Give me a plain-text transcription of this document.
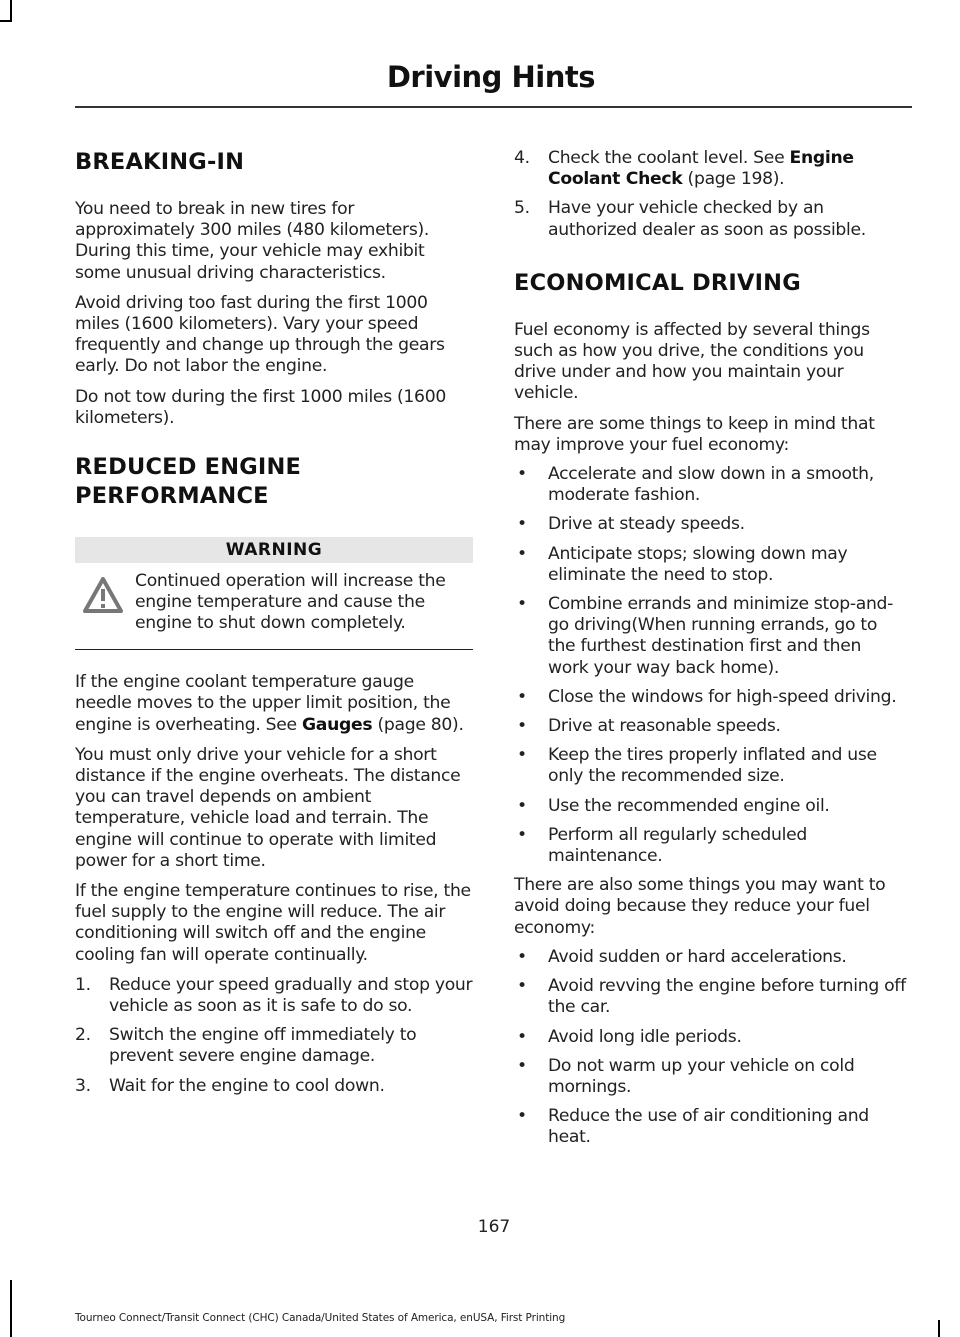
Driving Hints
BREAKING-IN

You need to break in new tires for approximately 300 miles (480 kilometers). During this time, your vehicle may exhibit some unusual driving characteristics.

Avoid driving too fast during the first 1000 miles (1600 kilometers). Vary your speed frequently and change up through the gears early. Do not labor the engine.

Do not tow during the first 1000 miles (1600 kilometers).

REDUCED ENGINE
PERFORMANCE
WARNING
Continued operation will increase the engine temperature and cause the engine to shut down completely.

If the engine coolant temperature gauge needle moves to the upper limit position, the engine is overheating. See Gauges (page 80).

You must only drive your vehicle for a short distance if the engine overheats. The distance you can travel depends on ambient temperature, vehicle load and terrain. The engine will continue to operate with limited power for a short time.

If the engine temperature continues to rise, the fuel supply to the engine will reduce. The air conditioning will switch off and the engine cooling fan will operate continually.

1. Reduce your speed gradually and stop your vehicle as soon as it is safe to do so.
2. Switch the engine off immediately to prevent severe engine damage.
3. Wait for the engine to cool down.
4. Check the coolant level. See Engine Coolant Check (page 198).
5. Have your vehicle checked by an authorized dealer as soon as possible.
ECONOMICAL DRIVING

Fuel economy is affected by several things such as how you drive, the conditions you drive under and how you maintain your vehicle.

There are some things to keep in mind that may improve your fuel economy:

• Accelerate and slow down in a smooth, moderate fashion.
• Drive at steady speeds.
• Anticipate stops; slowing down may eliminate the need to stop.
• Combine errands and minimize stop-and-go driving(When running errands, go to the furthest destination first and then work your way back home).
• Close the windows for high-speed driving.
• Drive at reasonable speeds.
• Keep the tires properly inflated and use only the recommended size.
• Use the recommended engine oil.
• Perform all regularly scheduled maintenance.

There are also some things you may want to avoid doing because they reduce your fuel economy:

• Avoid sudden or hard accelerations.
• Avoid revving the engine before turning off the car.
• Avoid long idle periods.
• Do not warm up your vehicle on cold mornings.
• Reduce the use of air conditioning and heat.
167
Tourneo Connect/Transit Connect (CHC) Canada/United States of America, enUSA, First Printing
